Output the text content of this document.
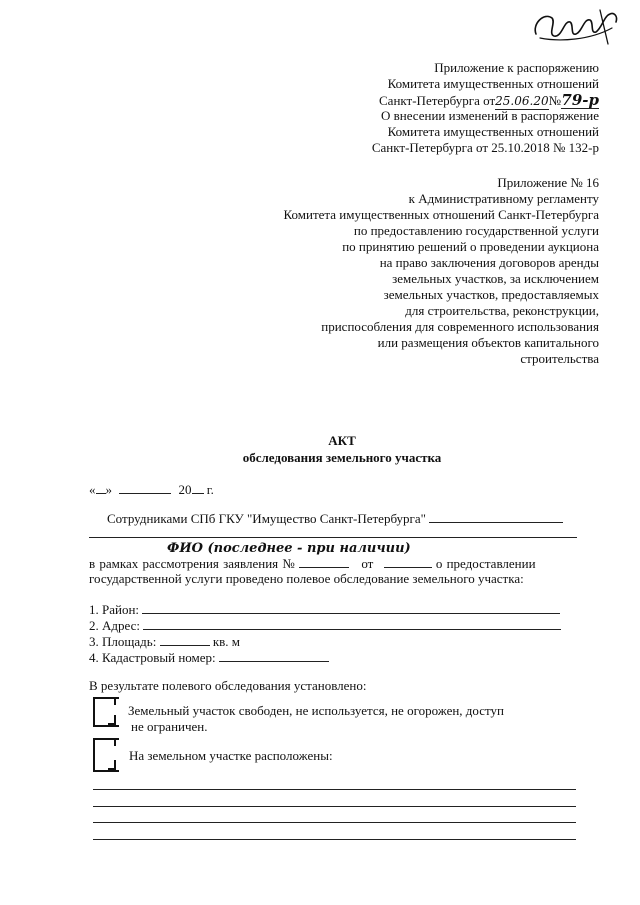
Приложение к распоряжению
Комитета имущественных отношений
Санкт-Петербурга от25.06.20№79-р
О внесении изменений в распоряжение
Комитета имущественных отношений
Санкт-Петербурга от 25.10.2018 № 132-р
Приложение № 16
к Административному регламенту
Комитета имущественных отношений Санкт-Петербурга
по предоставлению государственной услуги
по принятию решений о проведении аукциона
на право заключения договоров аренды
земельных участков, за исключением
земельных участков, предоставляемых
для строительства, реконструкции,
приспособления для современного использования
или размещения объектов капитального
строительства
АКТ
обследования земельного участка
« »	20 г.
Сотрудниками СПб ГКУ "Имущество Санкт-Петербурга"
ФИО (последнее - при наличии)
в рамках рассмотрения заявления №	от	о предоставлении
государственной услуги проведено полевое обследование земельного участка:
1. Район:
2. Адрес:
3. Площадь:	кв. м
4. Кадастровый номер:
В результате полевого обследования установлено:
Земельный участок свободен, не используется, не огорожен, доступ
не ограничен.
На земельном участке расположены:
